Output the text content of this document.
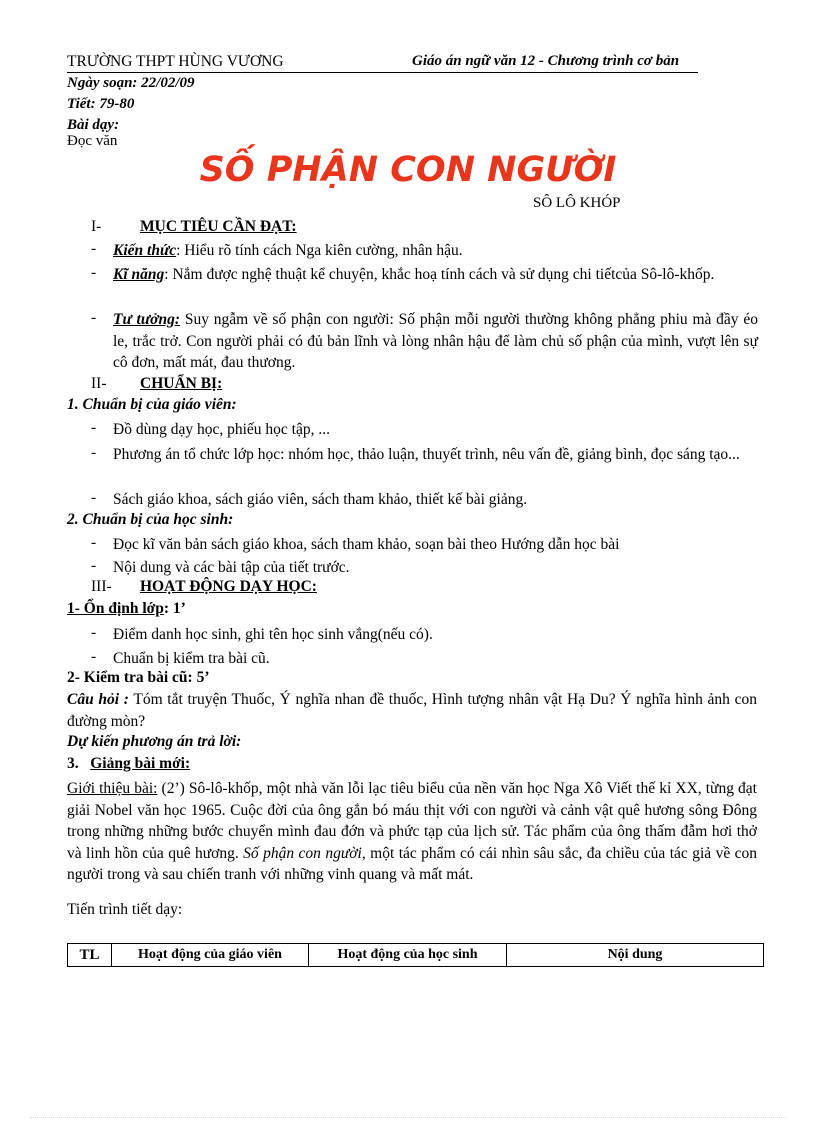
TRƯỜNG THPT HÙNG VƯƠNG	Giáo án ngữ văn 12 - Chương trình cơ bản
Ngày soạn: 22/02/09
Tiết: 79-80
Bài dạy:
Đọc văn
SỐ PHẬN CON NGƯỜI
SÔ LÔ KHÓP
I- MỤC TIÊU CẦN ĐẠT:
- Kiến thức: Hiểu rõ tính cách Nga kiên cường, nhân hậu.
- Kĩ năng: Nắm được nghệ thuật kể chuyện, khắc hoạ tính cách và sử dụng chi tiếtcủa Sô-lô-khốp.
- Tư tưởng: Suy ngẫm về số phận con người: Số phận mỗi người thường không phẳng phiu mà đầy éo le, trắc trở. Con người phải có đủ bản lĩnh và lòng nhân hậu để làm chủ số phận của mình, vượt lên sự cô đơn, mất mát, đau thương.
II- CHUẨN BỊ:
1. Chuẩn bị của giáo viên:
- Đồ dùng dạy học, phiếu học tập, ...
- Phương án tổ chức lớp học: nhóm học, thảo luận, thuyết trình, nêu vấn đề, giảng bình, đọc sáng tạo...
- Sách giáo khoa, sách giáo viên, sách tham khảo, thiết kế bài giảng.
2. Chuẩn bị của học sinh:
- Đọc kĩ văn bản sách giáo khoa, sách tham khảo, soạn bài theo Hướng dẫn học bài
- Nội dung và các bài tập của tiết trước.
III- HOẠT ĐỘNG DẠY HỌC:
1- Ổn định lớp: 1’
- Điểm danh học sinh, ghi tên học sinh vắng(nếu có).
- Chuẩn bị kiểm tra bài cũ.
2- Kiểm tra bài cũ: 5’
Câu hỏi : Tóm tắt truyện Thuốc, Ý nghĩa nhan đề thuốc, Hình tượng nhân vật Hạ Du? Ý nghĩa hình ảnh con đường mòn?
Dự kiến phương án trả lời:
3. Giảng bài mới:
Giới thiệu bài: (2’) Sô-lô-khốp, một nhà văn lỗi lạc tiêu biểu của nền văn học Nga Xô Viết thế kỉ XX, từng đạt giải Nobel văn học 1965. Cuộc đời của ông gắn bó máu thịt với con người và cảnh vật quê hương sông Đông trong những những bước chuyển mình đau đớn và phức tạp của lịch sử. Tác phẩm của ông thấm đẫm hơi thở và linh hồn của quê hương. Số phận con người, một tác phẩm có cái nhìn sâu sắc, đa chiều của tác giả về con người trong và sau chiến tranh với những vinh quang và mất mát.
Tiến trình tiết dạy:
TL	Hoạt động của giáo viên	Hoạt động của học sinh	Nội dung
